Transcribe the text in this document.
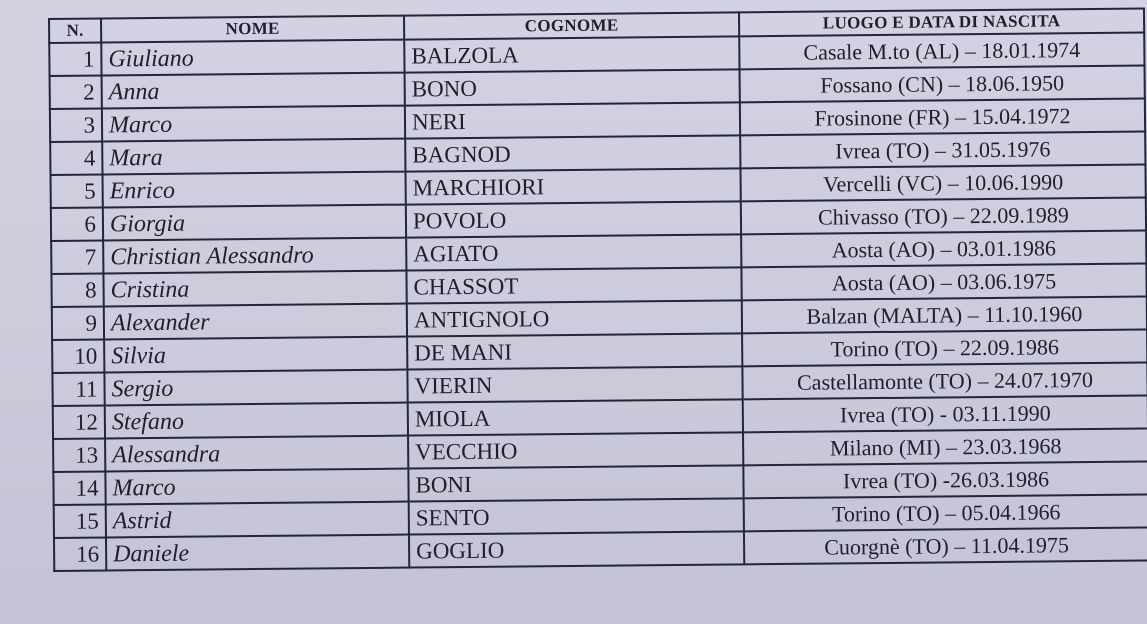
N.	NOME	COGNOME	LUOGO E DATA DI NASCITA
1	Giuliano	BALZOLA	Casale M.to (AL) – 18.01.1974
2	Anna	BONO	Fossano (CN) – 18.06.1950
3	Marco	NERI	Frosinone (FR) – 15.04.1972
4	Mara	BAGNOD	Ivrea (TO) – 31.05.1976
5	Enrico	MARCHIORI	Vercelli (VC) – 10.06.1990
6	Giorgia	POVOLO	Chivasso (TO) – 22.09.1989
7	Christian Alessandro	AGIATO	Aosta (AO) – 03.01.1986
8	Cristina	CHASSOT	Aosta (AO) – 03.06.1975
9	Alexander	ANTIGNOLO	Balzan (MALTA) – 11.10.1960
10	Silvia	DE MANI	Torino (TO) – 22.09.1986
11	Sergio	VIERIN	Castellamonte (TO) – 24.07.1970
12	Stefano	MIOLA	Ivrea (TO) - 03.11.1990
13	Alessandra	VECCHIO	Milano (MI) – 23.03.1968
14	Marco	BONI	Ivrea (TO) -26.03.1986
15	Astrid	SENTO	Torino (TO) – 05.04.1966
16	Daniele	GOGLIO	Cuorgnè (TO) – 11.04.1975
